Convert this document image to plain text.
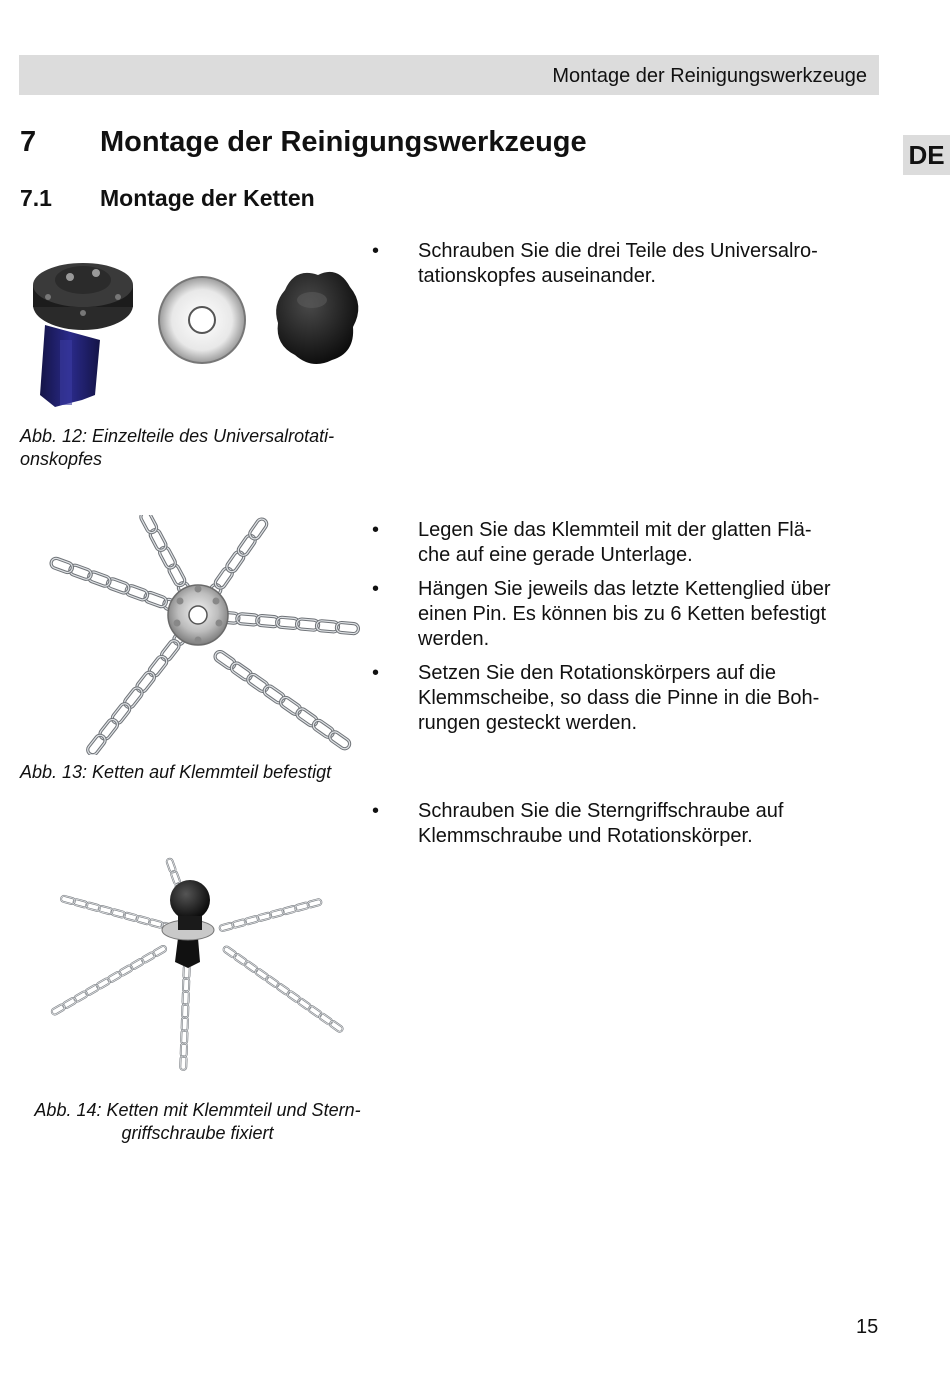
Montage der Reinigungswerkzeuge
DE
7 Montage der Reinigungswerkzeuge
7.1 Montage der Ketten
Abb. 12: Einzelteile des Universalrotati-
onskopfes
Abb. 13: Ketten auf Klemmteil befestigt
Abb. 14: Ketten mit Klemmteil und Stern-
griffschraube fixiert
• Schrauben Sie die drei Teile des Universalro-
tationskopfes auseinander.
• Legen Sie das Klemmteil mit der glatten Flä-
che auf eine gerade Unterlage.
• Hängen Sie jeweils das letzte Kettenglied über
einen Pin. Es können bis zu 6 Ketten befestigt
werden.
• Setzen Sie den Rotationskörpers auf die
Klemmscheibe, so dass die Pinne in die Boh-
rungen gesteckt werden.
• Schrauben Sie die Sterngriffschraube auf
Klemmschraube und Rotationskörper.
15
